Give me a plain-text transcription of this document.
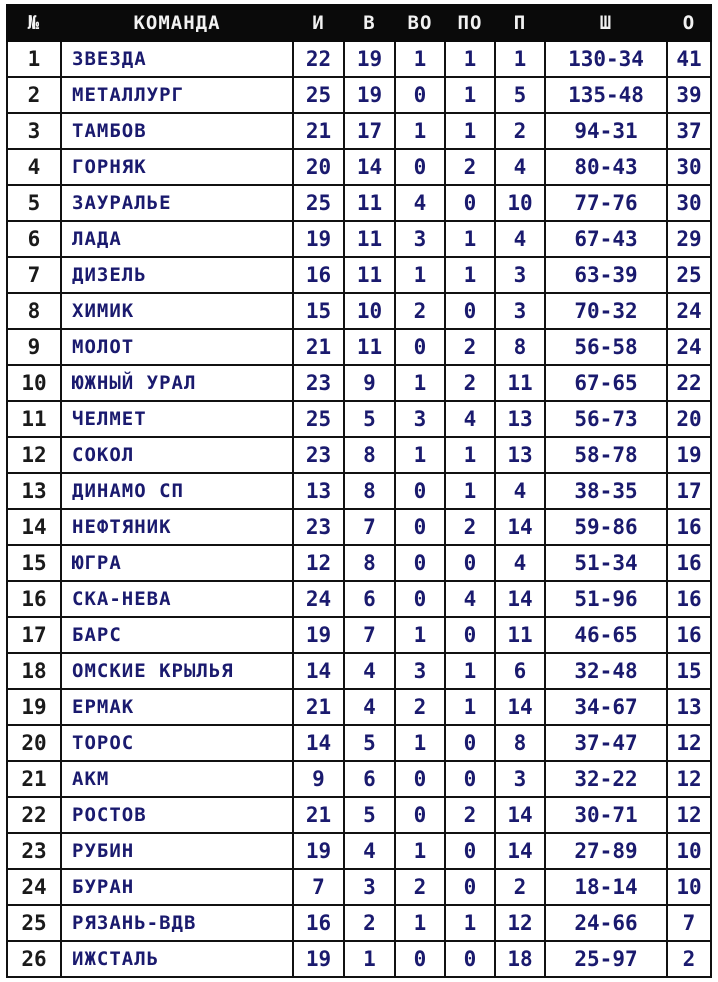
№	КОМАНДА	И	В	ВО	ПО	П	Ш	О
1	ЗВЕЗДА	22	19	1	1	1	130-34	41
2	МЕТАЛЛУРГ	25	19	0	1	5	135-48	39
3	ТАМБОВ	21	17	1	1	2	94-31	37
4	ГОРНЯК	20	14	0	2	4	80-43	30
5	ЗАУРАЛЬЕ	25	11	4	0	10	77-76	30
6	ЛАДА	19	11	3	1	4	67-43	29
7	ДИЗЕЛЬ	16	11	1	1	3	63-39	25
8	ХИМИК	15	10	2	0	3	70-32	24
9	МОЛОТ	21	11	0	2	8	56-58	24
10	ЮЖНЫЙ УРАЛ	23	9	1	2	11	67-65	22
11	ЧЕЛМЕТ	25	5	3	4	13	56-73	20
12	СОКОЛ	23	8	1	1	13	58-78	19
13	ДИНАМО СП	13	8	0	1	4	38-35	17
14	НЕФТЯНИК	23	7	0	2	14	59-86	16
15	ЮГРА	12	8	0	0	4	51-34	16
16	СКА-НЕВА	24	6	0	4	14	51-96	16
17	БАРС	19	7	1	0	11	46-65	16
18	ОМСКИЕ КРЫЛЬЯ	14	4	3	1	6	32-48	15
19	ЕРМАК	21	4	2	1	14	34-67	13
20	ТОРОС	14	5	1	0	8	37-47	12
21	АКМ	9	6	0	0	3	32-22	12
22	РОСТОВ	21	5	0	2	14	30-71	12
23	РУБИН	19	4	1	0	14	27-89	10
24	БУРАН	7	3	2	0	2	18-14	10
25	РЯЗАНЬ-ВДВ	16	2	1	1	12	24-66	7
26	ИЖСТАЛЬ	19	1	0	0	18	25-97	2
